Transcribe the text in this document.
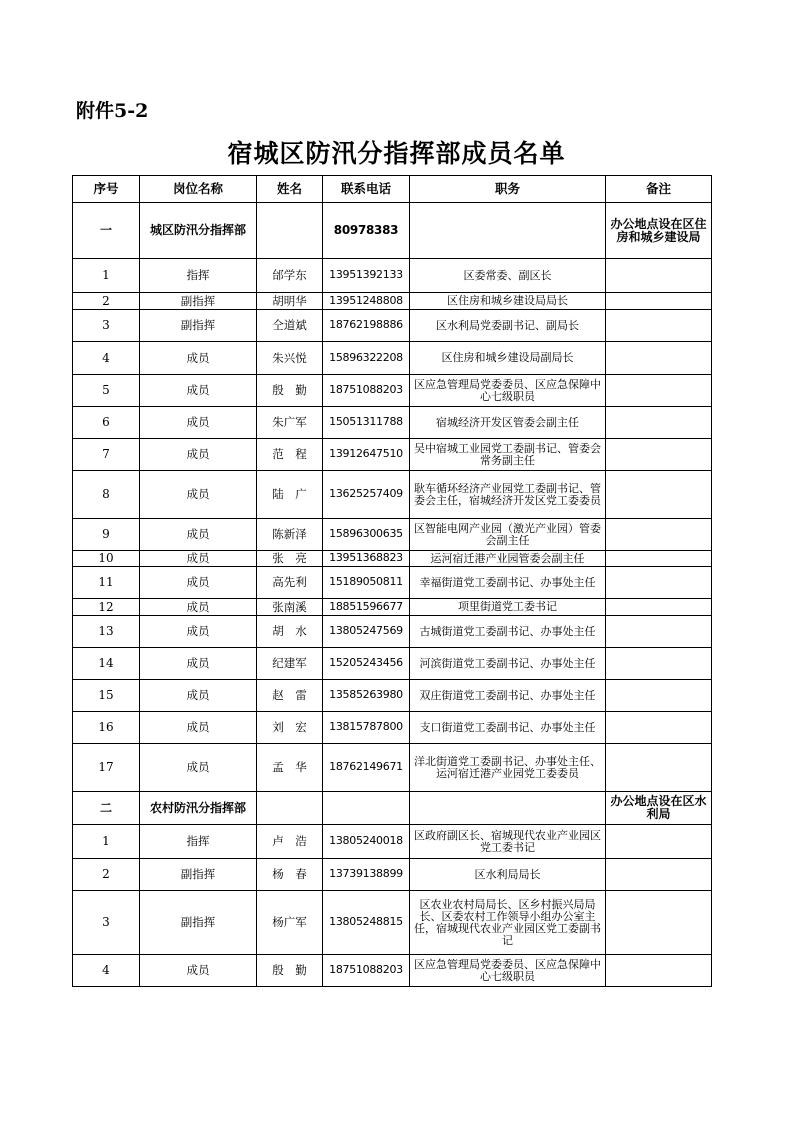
附件5-2
宿城区防汛分指挥部成员名单
序号	岗位名称	姓名	联系电话	职务	备注
一	城区防汛分指挥部		80978383		办公地点设在区住房和城乡建设局
1	指挥	邰学东	13951392133	区委常委、副区长	
2	副指挥	胡明华	13951248808	区住房和城乡建设局局长	
3	副指挥	仝道斌	18762198886	区水利局党委副书记、副局长	
4	成员	朱兴悦	15896322208	区住房和城乡建设局副局长	
5	成员	殷　勤	18751088203	区应急管理局党委委员、区应急保障中心七级职员	
6	成员	朱广军	15051311788	宿城经济开发区管委会副主任	
7	成员	范　程	13912647510	吴中宿城工业园党工委副书记、管委会常务副主任	
8	成员	陆　广	13625257409	耿车循环经济产业园党工委副书记、管委会主任，宿城经济开发区党工委委员	
9	成员	陈新泽	15896300635	区智能电网产业园（激光产业园）管委会副主任	
10	成员	张　亮	13951368823	运河宿迁港产业园管委会副主任	
11	成员	高先利	15189050811	幸福街道党工委副书记、办事处主任	
12	成员	张南溪	18851596677	项里街道党工委书记	
13	成员	胡　水	13805247569	古城街道党工委副书记、办事处主任	
14	成员	纪建军	15205243456	河滨街道党工委副书记、办事处主任	
15	成员	赵　雷	13585263980	双庄街道党工委副书记、办事处主任	
16	成员	刘　宏	13815787800	支口街道党工委副书记、办事处主任	
17	成员	孟　华	18762149671	洋北街道党工委副书记、办事处主任、运河宿迁港产业园党工委委员	
二	农村防汛分指挥部				办公地点设在区水利局
1	指挥	卢　浩	13805240018	区政府副区长、宿城现代农业产业园区党工委书记	
2	副指挥	杨　春	13739138899	区水利局局长	
3	副指挥	杨广军	13805248815	区农业农村局局长、区乡村振兴局局长、区委农村工作领导小组办公室主任，宿城现代农业产业园区党工委副书记	
4	成员	殷　勤	18751088203	区应急管理局党委委员、区应急保障中心七级职员	
